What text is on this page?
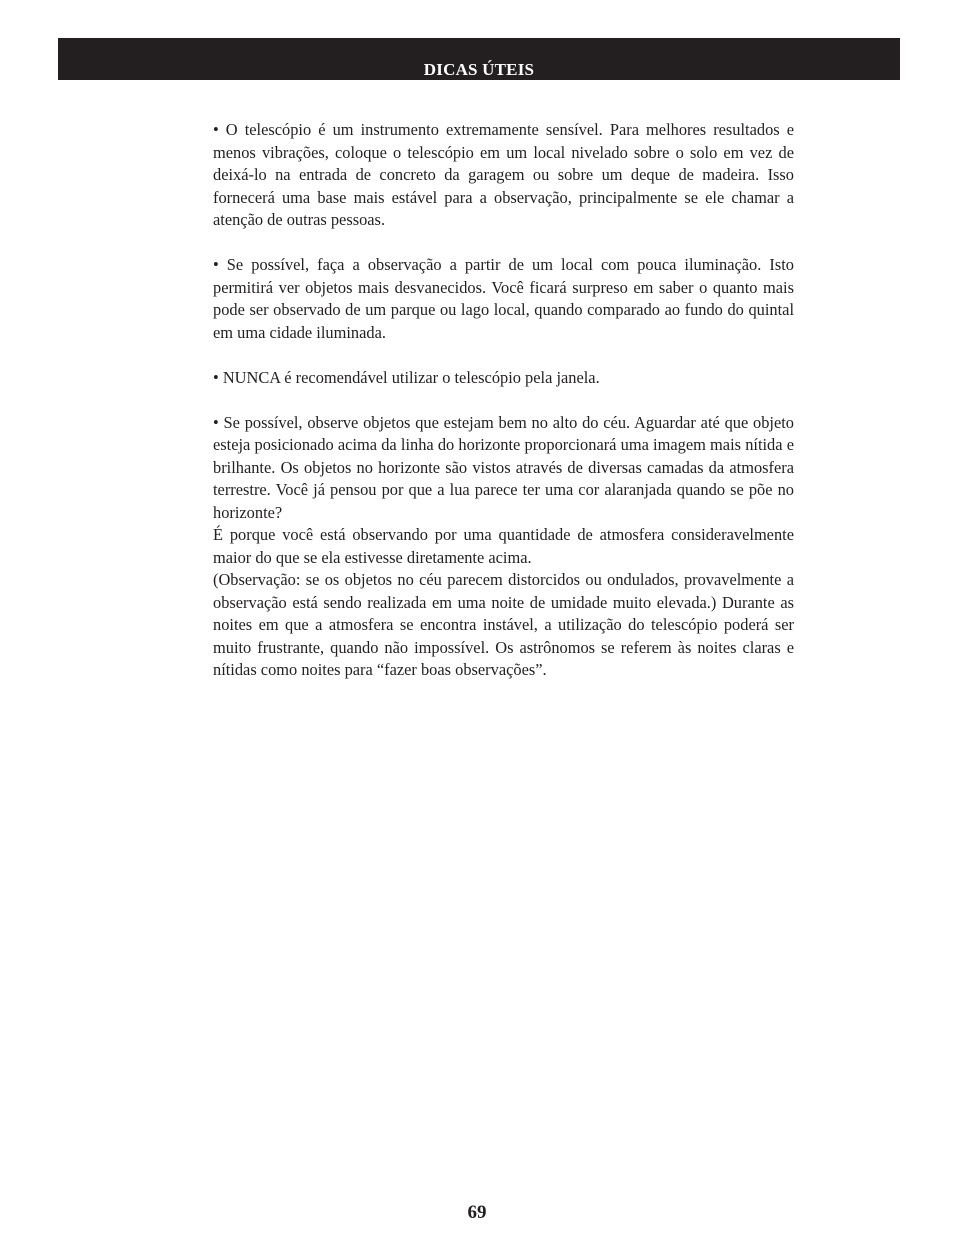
DICAS ÚTEIS

• O telescópio é um instrumento extremamente sensível. Para melhores resultados e menos vibrações, coloque o telescópio em um local nivelado sobre o solo em vez de deixá-lo na entrada de concreto da garagem ou sobre um deque de madeira. Isso fornecerá uma base mais estável para a observação, principalmente se ele chamar a atenção de outras pessoas.

• Se possível, faça a observação a partir de um local com pouca iluminação. Isto permitirá ver objetos mais desvanecidos. Você ficará surpreso em saber o quanto mais pode ser observado de um parque ou lago local, quando comparado ao fundo do quintal em uma cidade iluminada.

• NUNCA é recomendável utilizar o telescópio pela janela.

• Se possível, observe objetos que estejam bem no alto do céu. Aguardar até que objeto esteja posicionado acima da linha do horizonte proporcionará uma imagem mais nítida e brilhante. Os objetos no horizonte são vistos através de diversas camadas da atmosfera terrestre. Você já pensou por que a lua parece ter uma cor alaranjada quando se põe no horizonte?

É porque você está observando por uma quantidade de atmosfera consideravelmente maior do que se ela estivesse diretamente acima.

(Observação: se os objetos no céu parecem distorcidos ou ondulados, provavelmente a observação está sendo realizada em uma noite de umidade muito elevada.) Durante as noites em que a atmosfera se encontra instável, a utilização do telescópio poderá ser muito frustrante, quando não impossível. Os astrônomos se referem às noites claras e nítidas como noites para “fazer boas observações”.

69
